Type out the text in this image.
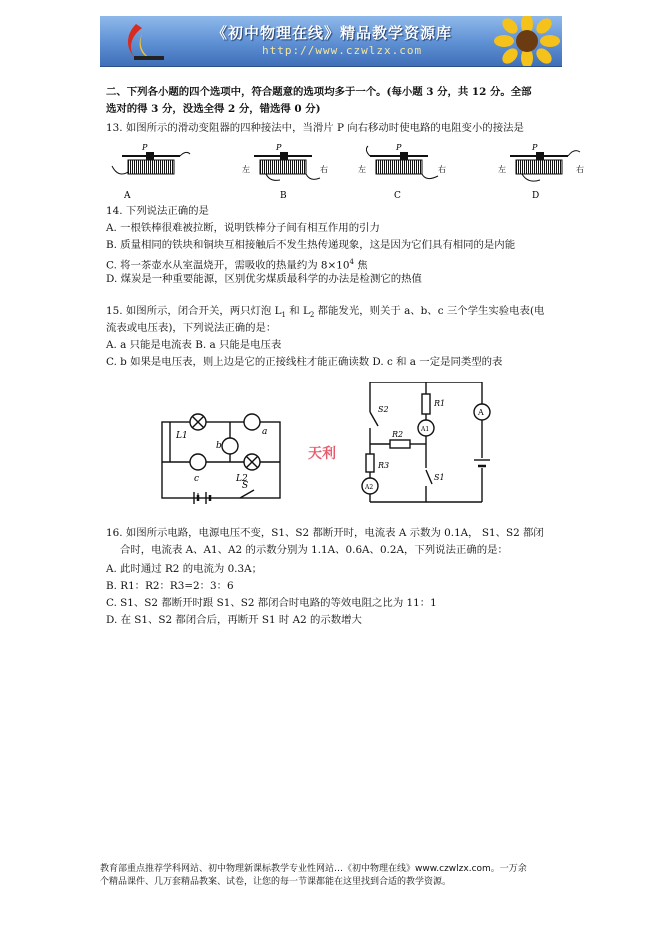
《初中物理在线》精品教学资源库
http://www.czwlzx.com
二、下列各小题的四个选项中，符合题意的选项均多于一个。(每小题 3 分，共 12 分。全部
选对的得 3 分，没选全得 2 分，错选得 0 分)
13. 如图所示的滑动变阻器的四种接法中，当滑片 P 向右移动时使电路的电阻变小的接法是
P
A
左
P
右
B
左
P
右
C
左
P
右
D
14. 下列说法正确的是
A. 一根铁棒很难被拉断，说明铁棒分子间有相互作用的引力
B. 质量相同的铁块和铜块互相接触后不发生热传递现象，这是因为它们具有相同的是内能
C. 将一茶壶水从室温烧开，需吸收的热量约为 $8\times 10^4$ 焦
D. 煤炭是一种重要能源，区别优劣煤质最科学的办法是检测它的热值
15. 如图所示，闭合开关，两只灯泡 $L_1$ 和 $L_2$ 都能发光，则关于 a、b、c 三个学生实验电表(电
流表或电压表)，下列说法正确的是：
A. a 只能是电流表 B. a 只能是电压表
C. b 如果是电压表，则上边是它的正接线柱才能正确读数 D. c 和 a 一定是同类型的表
L1
b
a
c	L2
S
天利
S2
R1
R2
R3
S1
A
A1
A2
16. 如图所示电路，电源电压不变，S1、S2 都断开时，电流表 A 示数为 0.1A， S1、S2 都闭
合时，电流表 A、A1、A2 的示数分别为 1.1A、0.6A、0.2A，下列说法正确的是：
A. 此时通过 R2 的电流为 0.3A；
B. R1：R2：R3=2：3：6
C. S1、S2 都断开时跟 S1、S2 都闭合时电路的等效电阻之比为 11：1
D. 在 S1、S2 都闭合后，再断开 S1 时 A2 的示数增大
教育部重点推荐学科网站、初中物理新课标教学专业性网站…《初中物理在线》www.czwlzx.com。一万余
个精品课件、几万套精品教案、试卷，让您的每一节课都能在这里找到合适的教学资源。
